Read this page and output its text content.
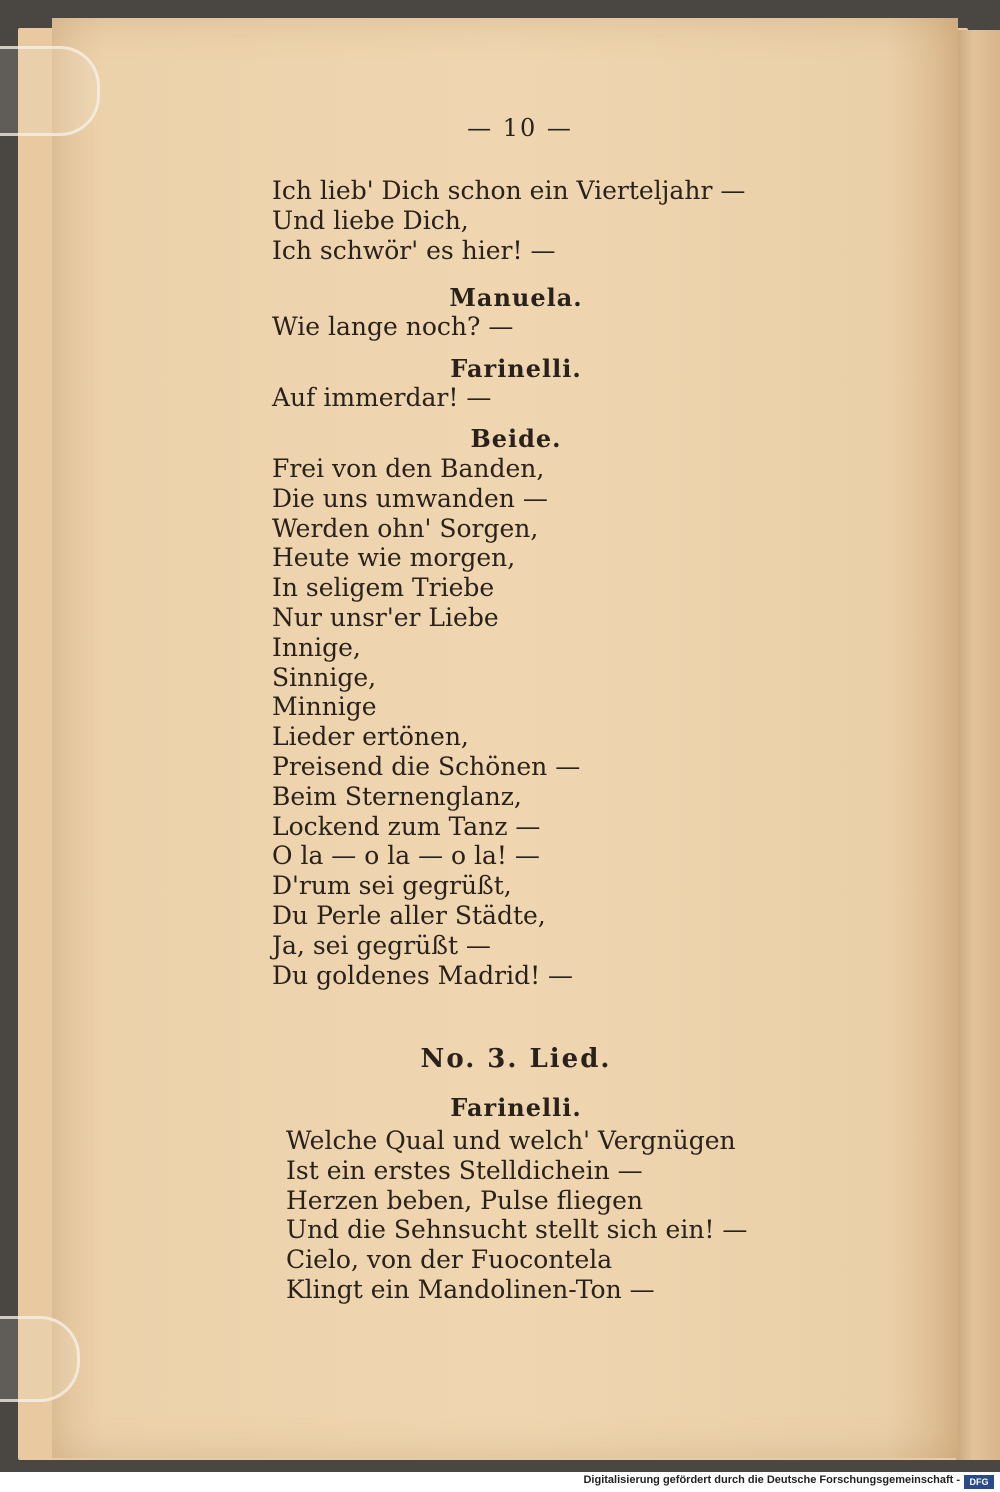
— 10 —
Ich lieb' Dich schon ein Vierteljahr —
Und liebe Dich,
Ich schwör' es hier! —
Manuela.
Wie lange noch? —
Farinelli.
Auf immerdar! —
Beide.
Frei von den Banden,
Die uns umwanden —
Werden ohn' Sorgen,
Heute wie morgen,
In seligem Triebe
Nur unsr'er Liebe
Innige,
Sinnige,
Minnige
Lieder ertönen,
Preisend die Schönen —
Beim Sternenglanz,
Lockend zum Tanz —
O la — o la — o la! —
D'rum sei gegrüßt,
Du Perle aller Städte,
Ja, sei gegrüßt —
Du goldenes Madrid! —
No. 3. Lied.
Farinelli.
Welche Qual und welch' Vergnügen
Ist ein erstes Stelldichein —
Herzen beben, Pulse fliegen
Und die Sehnsucht stellt sich ein! —
Cielo, von der Fuocontela
Klingt ein Mandolinen-Ton —
Digitalisierung gefördert durch die Deutsche Forschungsgemeinschaft -	DFG
